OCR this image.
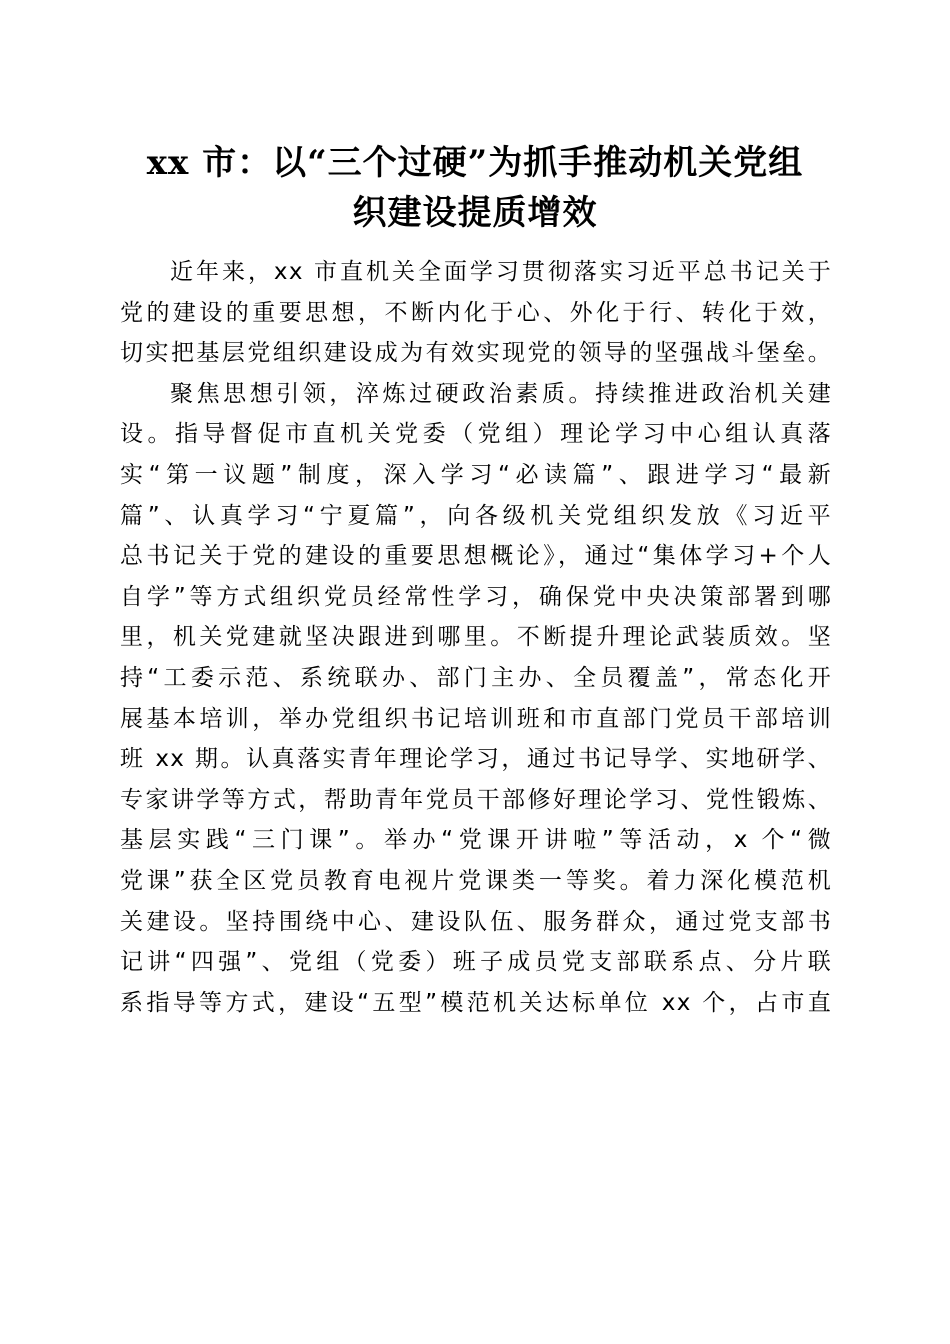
xx 市：以“三个过硬”为抓手推动机关党组
织建设提质增效
近年来，xx 市直机关全面学习贯彻落实习近平总书记关于
党的建设的重要思想，不断内化于心、外化于行、转化于效，
切实把基层党组织建设成为有效实现党的领导的坚强战斗堡垒。
聚焦思想引领，淬炼过硬政治素质。持续推进政治机关建
设。指导督促市直机关党委（党组）理论学习中心组认真落
实“第一议题”制度，深入学习“必读篇”、跟进学习“最新
篇”、认真学习“宁夏篇”，向各级机关党组织发放《习近平
总书记关于党的建设的重要思想概论》，通过“集体学习+个人
自学”等方式组织党员经常性学习，确保党中央决策部署到哪
里，机关党建就坚决跟进到哪里。不断提升理论武装质效。坚
持“工委示范、系统联办、部门主办、全员覆盖”，常态化开
展基本培训，举办党组织书记培训班和市直部门党员干部培训
班 xx 期。认真落实青年理论学习，通过书记导学、实地研学、
专家讲学等方式，帮助青年党员干部修好理论学习、党性锻炼、
基层实践“三门课”。举办“党课开讲啦”等活动，x 个“微
党课”获全区党员教育电视片党课类一等奖。着力深化模范机
关建设。坚持围绕中心、建设队伍、服务群众，通过党支部书
记讲“四强”、党组（党委）班子成员党支部联系点、分片联
系指导等方式，建设“五型”模范机关达标单位 xx 个，占市直
